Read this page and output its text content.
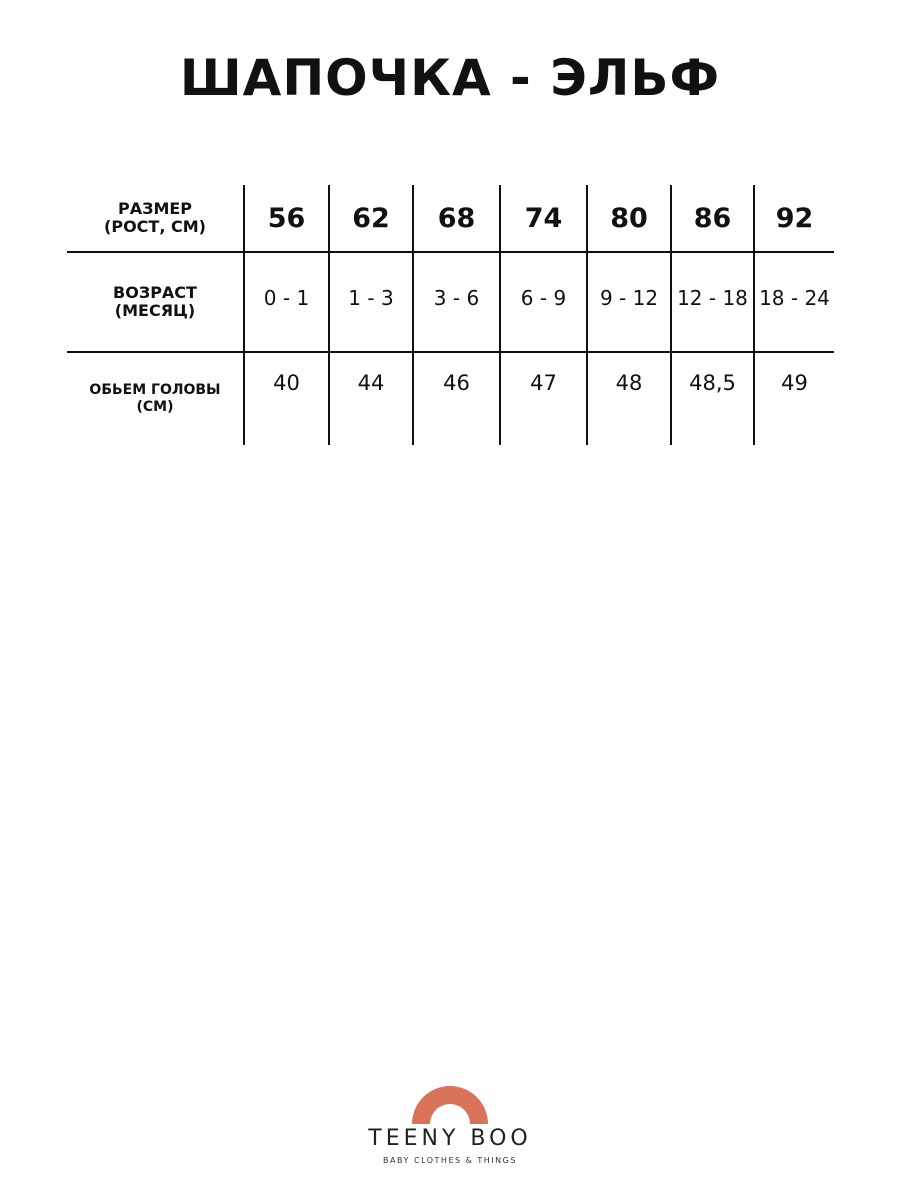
ШАПОЧКА - ЭЛЬФ
РАЗМЕР
(РОСТ, СМ)	56	62	68	74	80	86	92

ВОЗРАСТ
(МЕСЯЦ)	0 - 1	1 - 3	3 - 6	6 - 9	9 - 12	12 - 18	18 - 24

ОБЬЕМ ГОЛОВЫ
(СМ)	40	44	46	47	48	48,5	49
TEENY BOO
BABY CLOTHES & THINGS
